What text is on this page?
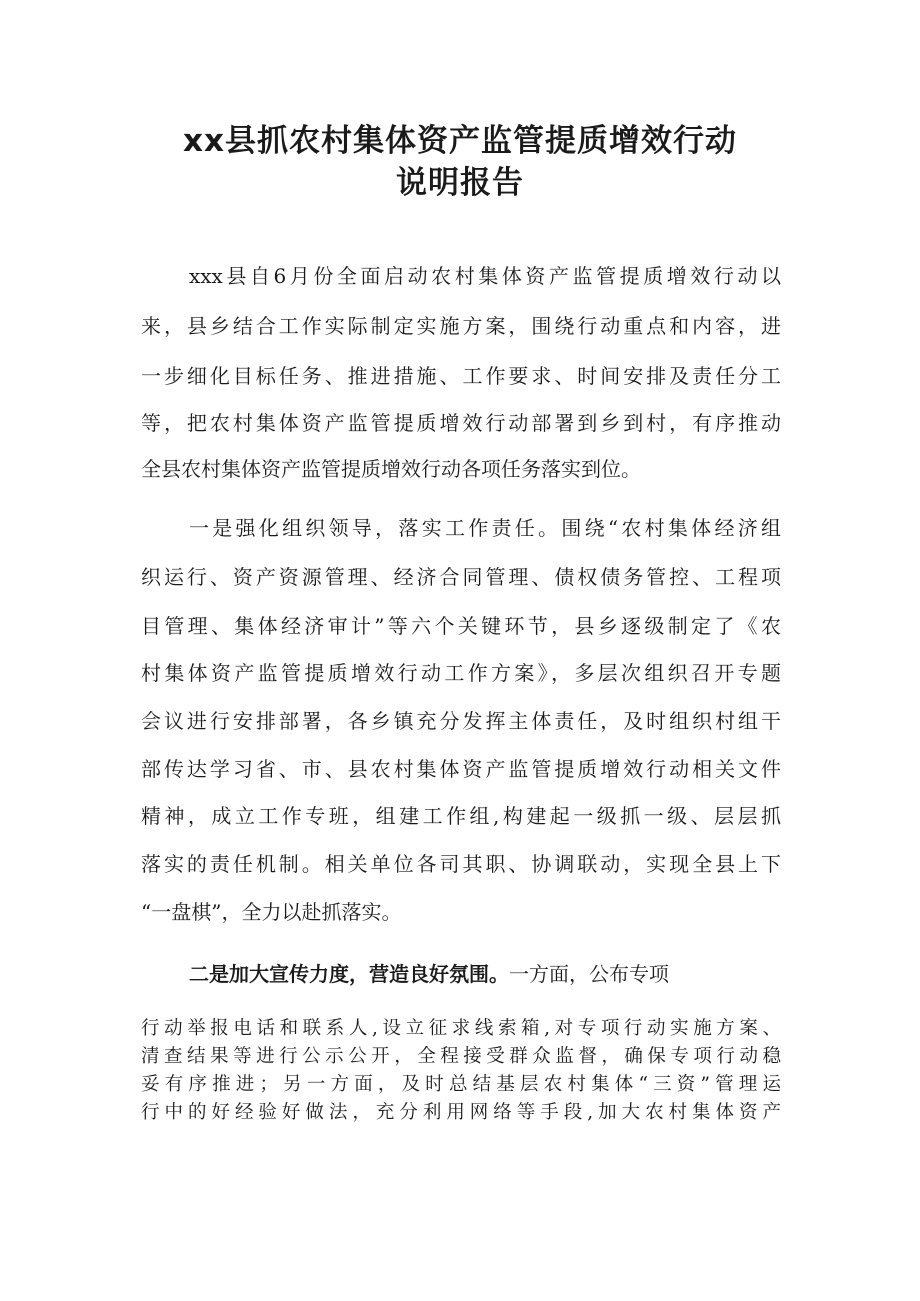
xx县抓农村集体资产监管提质增效行动
说明报告
xxx县自6月份全面启动农村集体资产监管提质增效行动以
来，县乡结合工作实际制定实施方案，围绕行动重点和内容，进
一步细化目标任务、推进措施、工作要求、时间安排及责任分工
等，把农村集体资产监管提质增效行动部署到乡到村，有序推动
全县农村集体资产监管提质增效行动各项任务落实到位。
一是强化组织领导，落实工作责任。围绕“农村集体经济组
织运行、资产资源管理、经济合同管理、债权债务管控、工程项
目管理、集体经济审计”等六个关键环节，县乡逐级制定了《农
村集体资产监管提质增效行动工作方案》，多层次组织召开专题
会议进行安排部署，各乡镇充分发挥主体责任，及时组织村组干
部传达学习省、市、县农村集体资产监管提质增效行动相关文件
精神，成立工作专班，组建工作组,构建起一级抓一级、层层抓
落实的责任机制。相关单位各司其职、协调联动，实现全县上下
“一盘棋”，全力以赴抓落实。
二是加大宣传力度，营造良好氛围。一方面，公布专项
行动举报电话和联系人,设立征求线索箱,对专项行动实施方案、
清查结果等进行公示公开，全程接受群众监督，确保专项行动稳
妥有序推进；另一方面，及时总结基层农村集体“三资”管理运
行中的好经验好做法，充分利用网络等手段,加大农村集体资产
